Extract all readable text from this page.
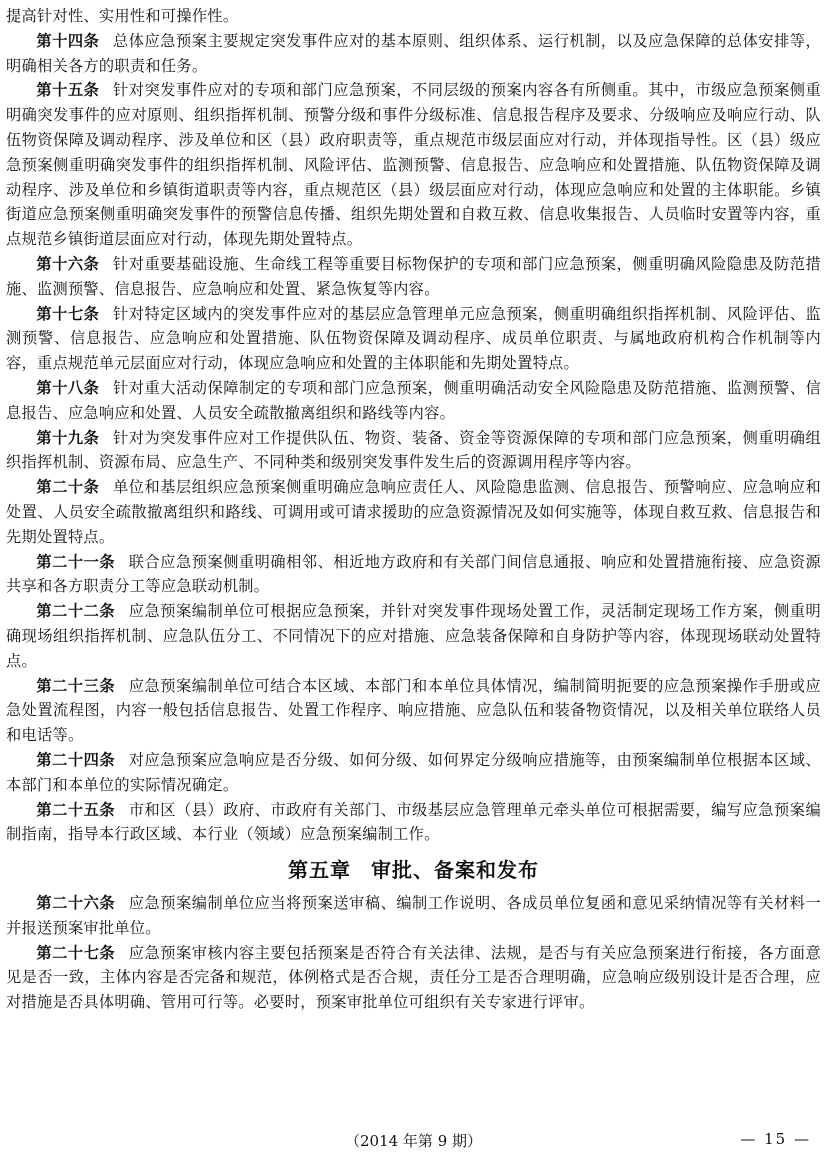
提高针对性、实用性和可操作性。

第十四条 总体应急预案主要规定突发事件应对的基本原则、组织体系、运行机制，以及应急保障的总体安排等，明确相关各方的职责和任务。

第十五条 针对突发事件应对的专项和部门应急预案，不同层级的预案内容各有所侧重。其中，市级应急预案侧重明确突发事件的应对原则、组织指挥机制、预警分级和事件分级标准、信息报告程序及要求、分级响应及响应行动、队伍物资保障及调动程序、涉及单位和区（县）政府职责等，重点规范市级层面应对行动，并体现指导性。区（县）级应急预案侧重明确突发事件的组织指挥机制、风险评估、监测预警、信息报告、应急响应和处置措施、队伍物资保障及调动程序、涉及单位和乡镇街道职责等内容，重点规范区（县）级层面应对行动，体现应急响应和处置的主体职能。乡镇街道应急预案侧重明确突发事件的预警信息传播、组织先期处置和自救互救、信息收集报告、人员临时安置等内容，重点规范乡镇街道层面应对行动，体现先期处置特点。

第十六条 针对重要基础设施、生命线工程等重要目标物保护的专项和部门应急预案，侧重明确风险隐患及防范措施、监测预警、信息报告、应急响应和处置、紧急恢复等内容。

第十七条 针对特定区域内的突发事件应对的基层应急管理单元应急预案，侧重明确组织指挥机制、风险评估、监测预警、信息报告、应急响应和处置措施、队伍物资保障及调动程序、成员单位职责、与属地政府机构合作机制等内容，重点规范单元层面应对行动，体现应急响应和处置的主体职能和先期处置特点。

第十八条 针对重大活动保障制定的专项和部门应急预案，侧重明确活动安全风险隐患及防范措施、监测预警、信息报告、应急响应和处置、人员安全疏散撤离组织和路线等内容。

第十九条 针对为突发事件应对工作提供队伍、物资、装备、资金等资源保障的专项和部门应急预案，侧重明确组织指挥机制、资源布局、应急生产、不同种类和级别突发事件发生后的资源调用程序等内容。

第二十条 单位和基层组织应急预案侧重明确应急响应责任人、风险隐患监测、信息报告、预警响应、应急响应和处置、人员安全疏散撤离组织和路线、可调用或可请求援助的应急资源情况及如何实施等，体现自救互救、信息报告和先期处置特点。

第二十一条 联合应急预案侧重明确相邻、相近地方政府和有关部门间信息通报、响应和处置措施衔接、应急资源共享和各方职责分工等应急联动机制。

第二十二条 应急预案编制单位可根据应急预案，并针对突发事件现场处置工作，灵活制定现场工作方案，侧重明确现场组织指挥机制、应急队伍分工、不同情况下的应对措施、应急装备保障和自身防护等内容，体现现场联动处置特点。

第二十三条 应急预案编制单位可结合本区域、本部门和本单位具体情况，编制简明扼要的应急预案操作手册或应急处置流程图，内容一般包括信息报告、处置工作程序、响应措施、应急队伍和装备物资情况，以及相关单位联络人员和电话等。

第二十四条 对应急预案应急响应是否分级、如何分级、如何界定分级响应措施等，由预案编制单位根据本区域、本部门和本单位的实际情况确定。

第二十五条 市和区（县）政府、市政府有关部门、市级基层应急管理单元牵头单位可根据需要，编写应急预案编制指南，指导本行政区域、本行业（领域）应急预案编制工作。

第五章 审批、备案和发布

第二十六条 应急预案编制单位应当将预案送审稿、编制工作说明、各成员单位复函和意见采纳情况等有关材料一并报送预案审批单位。

第二十七条 应急预案审核内容主要包括预案是否符合有关法律、法规，是否与有关应急预案进行衔接，各方面意见是否一致，主体内容是否完备和规范，体例格式是否合规，责任分工是否合理明确，应急响应级别设计是否合理，应对措施是否具体明确、管用可行等。必要时，预案审批单位可组织有关专家进行评审。

（2014 年第 9 期）	— 15 —
